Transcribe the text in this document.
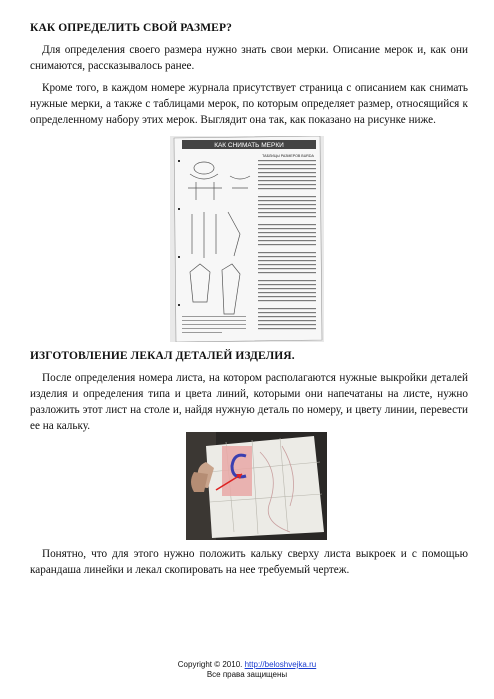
КАК ОПРЕДЕЛИТЬ СВОЙ РАЗМЕР?

Для определения своего размера нужно знать свои мерки. Описание мерок и, как они снимаются, рассказывалось ранее.

Кроме того, в каждом номере журнала присутствует страница с описанием как снимать нужные мерки, а также с таблицами мерок, по которым определяет размер, относящийся к определенному набору этих мерок. Выглядит она так, как показано на рисунке ниже.

КАК СНИМАТЬ МЕРКИ
ТАБЛИЦЫ РАЗМЕРОВ BURDA
ИЗГОТОВЛЕНИЕ ЛЕКАЛ ДЕТАЛЕЙ ИЗДЕЛИЯ.

После определения номера листа, на котором располагаются нужные выкройки деталей изделия и определения типа и цвета линий, которыми они напечатаны на листе, нужно разложить этот лист на столе и, найдя нужную деталь по номеру, и цвету линии, перевести ее на кальку.

Понятно, что для этого нужно положить кальку сверху листа выкроек и с помощью карандаша линейки и лекал скопировать на нее требуемый чертеж.

Copyright © 2010. http://beloshvejka.ru
Все права защищены
